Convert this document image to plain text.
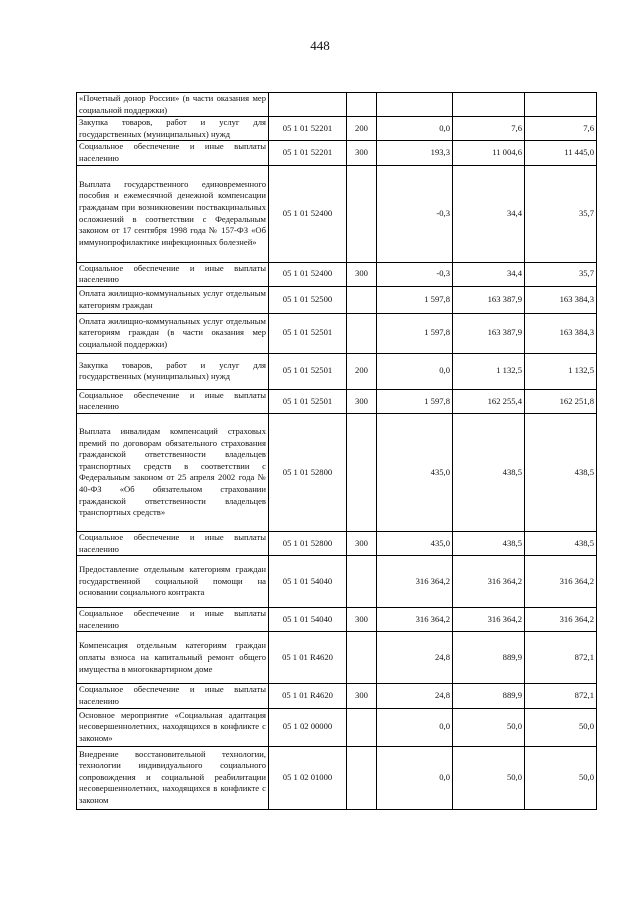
448
«Почетный донор России» (в части оказания мер социальной поддержки)					
Закупка товаров, работ и услуг для государственных (муниципальных) нужд	05 1 01 52201	200	0,0	7,6	7,6
Социальное обеспечение и иные выплаты населению	05 1 01 52201	300	193,3	11 004,6	11 445,0
Выплата государственного единовременного пособия и ежемесячной денежной компенсации гражданам при возникновении поствакцинальных осложнений в соответствии с Федеральным законом от 17 сентября 1998 года № 157-ФЗ «Об иммунопрофилактике инфекционных болезней»	05 1 01 52400		-0,3	34,4	35,7
Социальное обеспечение и иные выплаты населению	05 1 01 52400	300	-0,3	34,4	35,7
Оплата жилищно-коммунальных услуг отдельным категориям граждан	05 1 01 52500		1 597,8	163 387,9	163 384,3
Оплата жилищно-коммунальных услуг отдельным категориям граждан (в части оказания мер социальной поддержки)	05 1 01 52501		1 597,8	163 387,9	163 384,3
Закупка товаров, работ и услуг для государственных (муниципальных) нужд	05 1 01 52501	200	0,0	1 132,5	1 132,5
Социальное обеспечение и иные выплаты населению	05 1 01 52501	300	1 597,8	162 255,4	162 251,8
Выплата инвалидам компенсаций страховых премий по договорам обязательного страхования гражданской ответственности владельцев транспортных средств в соответствии с Федеральным законом от 25 апреля 2002 года № 40-ФЗ «Об обязательном страховании гражданской ответственности владельцев транспортных средств»	05 1 01 52800		435,0	438,5	438,5
Социальное обеспечение и иные выплаты населению	05 1 01 52800	300	435,0	438,5	438,5
Предоставление отдельным категориям граждан государственной социальной помощи на основании социального контракта	05 1 01 54040		316 364,2	316 364,2	316 364,2
Социальное обеспечение и иные выплаты населению	05 1 01 54040	300	316 364,2	316 364,2	316 364,2
Компенсация отдельным категориям граждан оплаты взноса на капитальный ремонт общего имущества в многоквартирном доме	05 1 01 R4620		24,8	889,9	872,1
Социальное обеспечение и иные выплаты населению	05 1 01 R4620	300	24,8	889,9	872,1
Основное мероприятие «Социальная адаптация несовершеннолетних, находящихся в конфликте с законом»	05 1 02 00000		0,0	50,0	50,0
Внедрение восстановительной технологии, технологии индивидуального социального сопровождения и социальной реабилитации несовершеннолетних, находящихся в конфликте с законом	05 1 02 01000		0,0	50,0	50,0
